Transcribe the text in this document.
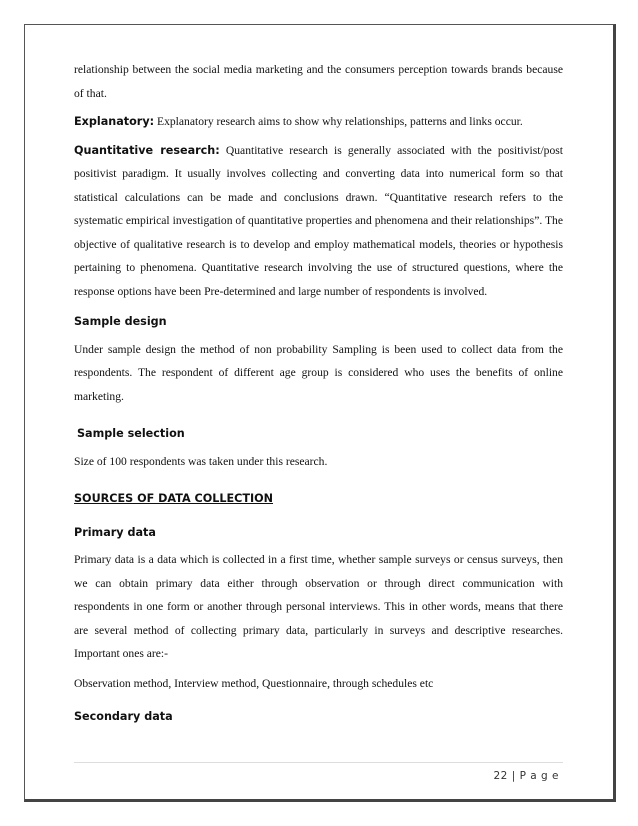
relationship between the social media marketing and the consumers perception towards brands because of that.

Explanatory: Explanatory research aims to show why relationships, patterns and links occur.

Quantitative research: Quantitative research is generally associated with the positivist/post positivist paradigm. It usually involves collecting and converting data into numerical form so that statistical calculations can be made and conclusions drawn. “Quantitative research refers to the systematic empirical investigation of quantitative properties and phenomena and their relationships”. The objective of qualitative research is to develop and employ mathematical models, theories or hypothesis pertaining to phenomena. Quantitative research involving the use of structured questions, where the response options have been Pre-determined and large number of respondents is involved.

Sample design

Under sample design the method of non probability Sampling is been used to collect data from the respondents. The respondent of different age group is considered who uses the benefits of online marketing.

Sample selection

Size of 100 respondents was taken under this research.

SOURCES OF DATA COLLECTION

Primary data

Primary data is a data which is collected in a first time, whether sample surveys or census surveys, then we can obtain primary data either through observation or through direct communication with respondents in one form or another through personal interviews. This in other words, means that there are several method of collecting primary data, particularly in surveys and descriptive researches. Important ones are:-

Observation method, Interview method, Questionnaire, through schedules etc

Secondary data

22 | P a g e
